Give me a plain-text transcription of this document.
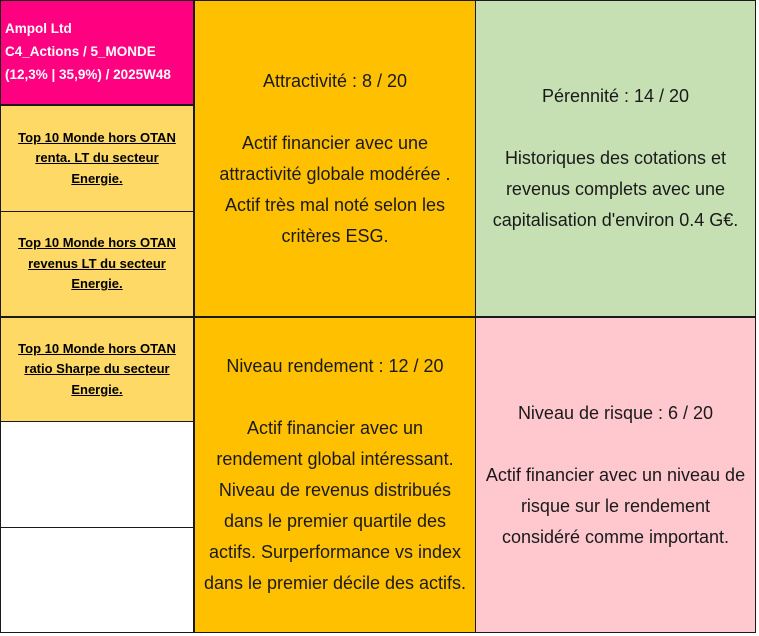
Ampol Ltd
C4_Actions / 5_MONDE
(12,3% | 35,9%) / 2025W48
Top 10 Monde hors OTAN
renta. LT du secteur
Energie.
Top 10 Monde hors OTAN
revenus LT du secteur
Energie.
Top 10 Monde hors OTAN
ratio Sharpe du secteur
Energie.
Attractivité : 8 / 20
Actif financier avec une
attractivité globale modérée .
Actif très mal noté selon les
critères ESG.
Pérennité : 14 / 20
Historiques des cotations et
revenus complets avec une
capitalisation d'environ 0.4 G€.
Niveau rendement : 12 / 20
Actif financier avec un
rendement global intéressant.
Niveau de revenus distribués
dans le premier quartile des
actifs. Surperformance vs index
dans le premier décile des actifs.
Niveau de risque : 6 / 20
Actif financier avec un niveau de
risque sur le rendement
considéré comme important.
